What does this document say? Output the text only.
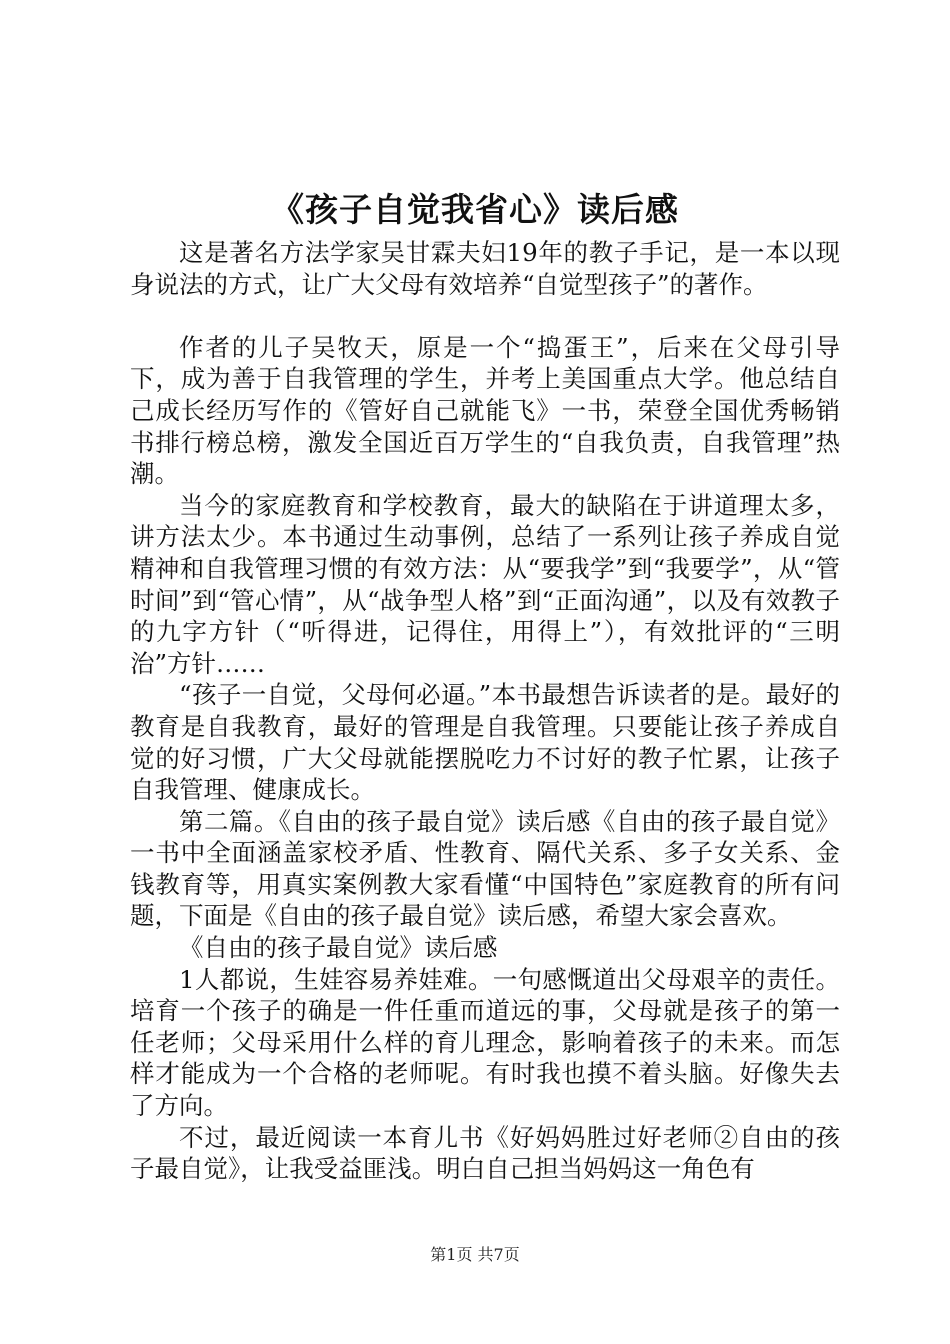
《孩子自觉我省心》读后感

这是著名方法学家吴甘霖夫妇19年的教子手记，是一本以现身说法的方式，让广大父母有效培养“自觉型孩子”的著作。

作者的儿子吴牧天，原是一个“捣蛋王”，后来在父母引导下，成为善于自我管理的学生，并考上美国重点大学。他总结自己成长经历写作的《管好自己就能飞》一书，荣登全国优秀畅销书排行榜总榜，激发全国近百万学生的“自我负责，自我管理”热潮。

当今的家庭教育和学校教育，最大的缺陷在于讲道理太多，讲方法太少。本书通过生动事例，总结了一系列让孩子养成自觉精神和自我管理习惯的有效方法：从“要我学”到“我要学”，从“管时间”到“管心情”，从“战争型人格”到“正面沟通”，以及有效教子的九字方针（“听得进，记得住，用得上”），有效批评的“三明治”方针……

“孩子一自觉，父母何必逼。”本书最想告诉读者的是。最好的教育是自我教育，最好的管理是自我管理。只要能让孩子养成自觉的好习惯，广大父母就能摆脱吃力不讨好的教子忙累，让孩子自我管理、健康成长。

第二篇。《自由的孩子最自觉》读后感《自由的孩子最自觉》一书中全面涵盖家校矛盾、性教育、隔代关系、多子女关系、金钱教育等，用真实案例教大家看懂“中国特色”家庭教育的所有问题，下面是《自由的孩子最自觉》读后感，希望大家会喜欢。

《自由的孩子最自觉》读后感

1人都说，生娃容易养娃难。一句感慨道出父母艰辛的责任。培育一个孩子的确是一件任重而道远的事，父母就是孩子的第一任老师；父母采用什么样的育儿理念，影响着孩子的未来。而怎样才能成为一个合格的老师呢。有时我也摸不着头脑。好像失去了方向。

不过，最近阅读一本育儿书《好妈妈胜过好老师②自由的孩子最自觉》，让我受益匪浅。明白自己担当妈妈这一角色有

第1页 共7页
